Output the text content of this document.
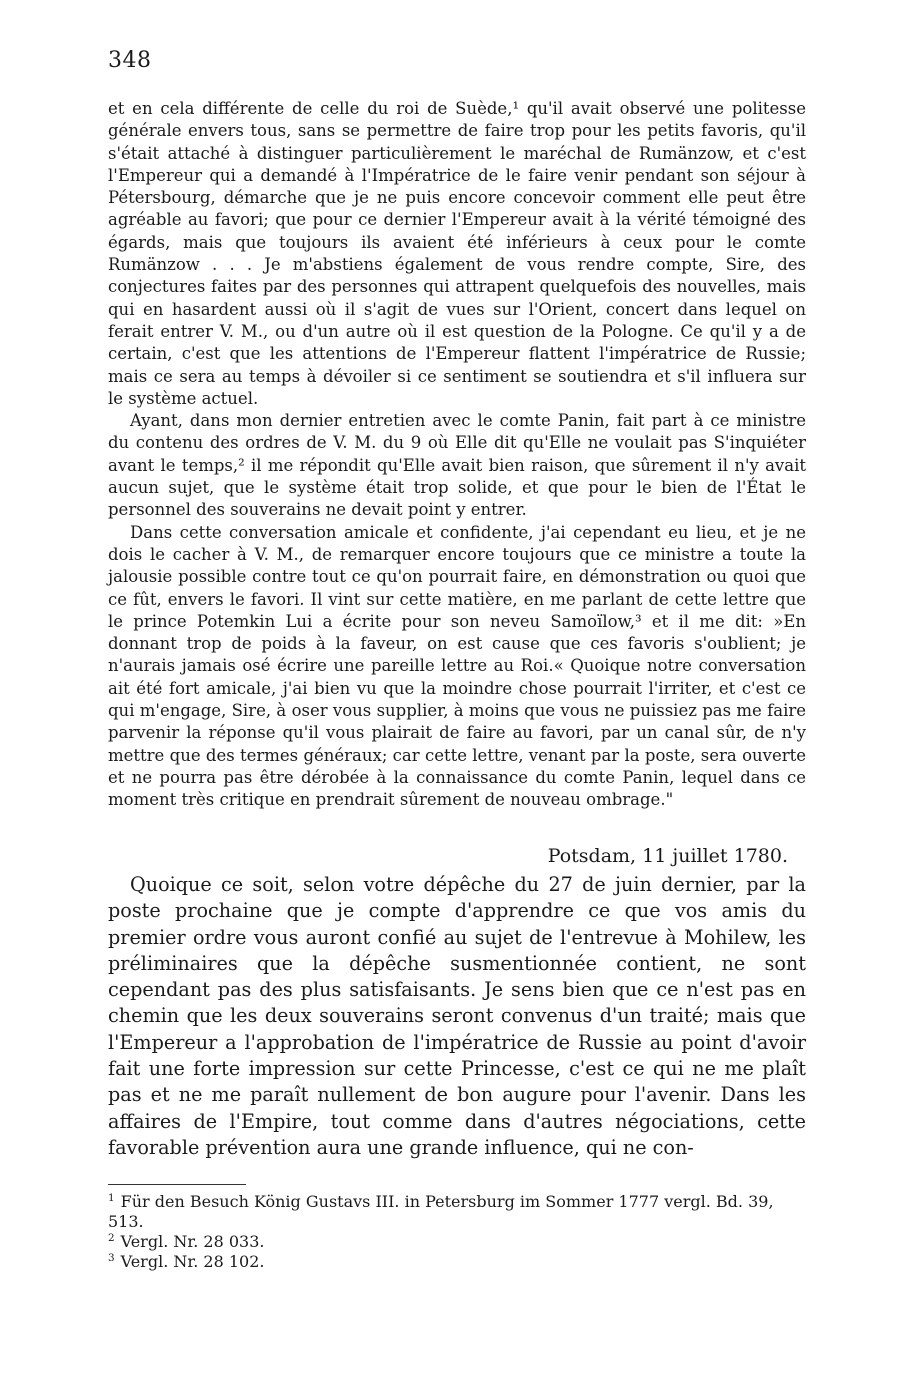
348

et en cela différente de celle du roi de Suède,¹ qu'il avait observé une politesse générale envers tous, sans se permettre de faire trop pour les petits favoris, qu'il s'était attaché à distinguer particulièrement le maréchal de Rumänzow, et c'est l'Empereur qui a demandé à l'Impératrice de le faire venir pendant son séjour à Pétersbourg, démarche que je ne puis encore concevoir comment elle peut être agréable au favori; que pour ce dernier l'Empereur avait à la vérité témoigné des égards, mais que toujours ils avaient été inférieurs à ceux pour le comte Rumänzow . . . Je m'abstiens également de vous rendre compte, Sire, des conjectures faites par des personnes qui attrapent quelquefois des nouvelles, mais qui en hasardent aussi où il s'agit de vues sur l'Orient, concert dans lequel on ferait entrer V. M., ou d'un autre où il est question de la Pologne. Ce qu'il y a de certain, c'est que les attentions de l'Empereur flattent l'impératrice de Russie; mais ce sera au temps à dévoiler si ce sentiment se soutiendra et s'il influera sur le système actuel.

Ayant, dans mon dernier entretien avec le comte Panin, fait part à ce ministre du contenu des ordres de V. M. du 9 où Elle dit qu'Elle ne voulait pas S'inquiéter avant le temps,² il me répondit qu'Elle avait bien raison, que sûrement il n'y avait aucun sujet, que le système était trop solide, et que pour le bien de l'État le personnel des souverains ne devait point y entrer.

Dans cette conversation amicale et confidente, j'ai cependant eu lieu, et je ne dois le cacher à V. M., de remarquer encore toujours que ce ministre a toute la jalousie possible contre tout ce qu'on pourrait faire, en démonstration ou quoi que ce fût, envers le favori. Il vint sur cette matière, en me parlant de cette lettre que le prince Potemkin Lui a écrite pour son neveu Samoïlow,³ et il me dit: »En donnant trop de poids à la faveur, on est cause que ces favoris s'oublient; je n'aurais jamais osé écrire une pareille lettre au Roi.« Quoique notre conversation ait été fort amicale, j'ai bien vu que la moindre chose pourrait l'irriter, et c'est ce qui m'engage, Sire, à oser vous supplier, à moins que vous ne puissiez pas me faire parvenir la réponse qu'il vous plairait de faire au favori, par un canal sûr, de n'y mettre que des termes généraux; car cette lettre, venant par la poste, sera ouverte et ne pourra pas être dérobée à la connaissance du comte Panin, lequel dans ce moment très critique en prendrait sûrement de nouveau ombrage."

Potsdam, 11 juillet 1780.

Quoique ce soit, selon votre dépêche du 27 de juin dernier, par la poste prochaine que je compte d'apprendre ce que vos amis du premier ordre vous auront confié au sujet de l'entrevue à Mohilew, les préliminaires que la dépêche susmentionnée contient, ne sont cependant pas des plus satisfaisants. Je sens bien que ce n'est pas en chemin que les deux souverains seront convenus d'un traité; mais que l'Empereur a l'approbation de l'impératrice de Russie au point d'avoir fait une forte impression sur cette Princesse, c'est ce qui ne me plaît pas et ne me paraît nullement de bon augure pour l'avenir. Dans les affaires de l'Empire, tout comme dans d'autres négociations, cette favorable prévention aura une grande influence, qui ne con-

$^1$ Für den Besuch König Gustavs III. in Petersburg im Sommer 1777 vergl. Bd. 39, 513.

$^2$ Vergl. Nr. 28 033.

$^3$ Vergl. Nr. 28 102.
